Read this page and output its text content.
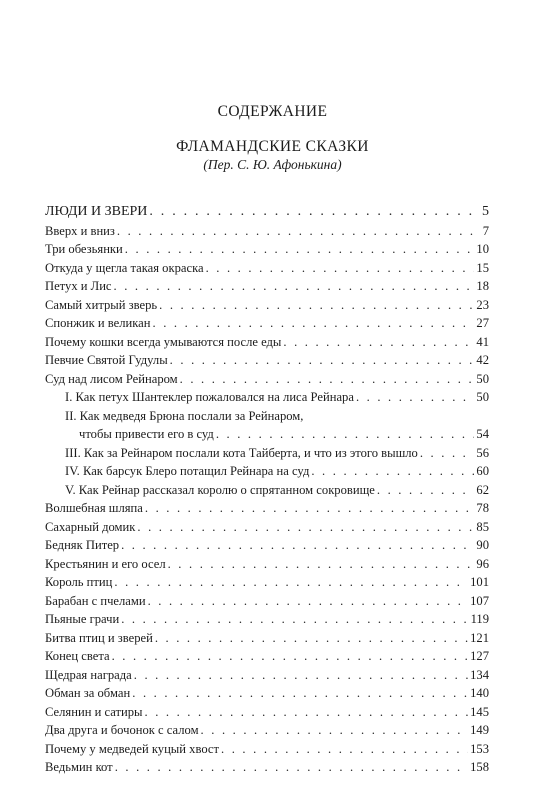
СОДЕРЖАНИЕ
ФЛАМАНДСКИЕ СКАЗКИ
(Пер. С. Ю. Афонькина)
ЛЮДИ И ЗВЕРИ . . .	5
Вверх и вниз . . .	7
Три обезьянки . . .	10
Откуда у щегла такая окраска . . .	15
Петух и Лис . . .	18
Самый хитрый зверь . . .	23
Спонжик и великан . . .	27
Почему кошки всегда умываются после еды . . .	41
Певчие Святой Гудулы . . .	42
Суд над лисом Рейнаром . . .	50
I. Как петух Шантеклер пожаловался на лиса Рейнара . . .	50
II. Как медведя Брюна послали за Рейнаром,
чтобы привести его в суд . . .	54
III. Как за Рейнаром послали кота Тайберта, и что из этого вышло . . .	56
IV. Как барсук Блеро потащил Рейнара на суд . . .	60
V. Как Рейнар рассказал королю о спрятанном сокровище . . .	62
Волшебная шляпа . . .	78
Сахарный домик . . .	85
Бедняк Питер . . .	90
Крестьянин и его осел . . .	96
Король птиц . . .	101
Барабан с пчелами . . .	107
Пьяные грачи . . .	119
Битва птиц и зверей . . .	121
Конец света . . .	127
Щедрая награда . . .	134
Обман за обман . . .	140
Селянин и сатиры . . .	145
Два друга и бочонок с салом . . .	149
Почему у медведей куцый хвост . . .	153
Ведьмин кот . . .	158
